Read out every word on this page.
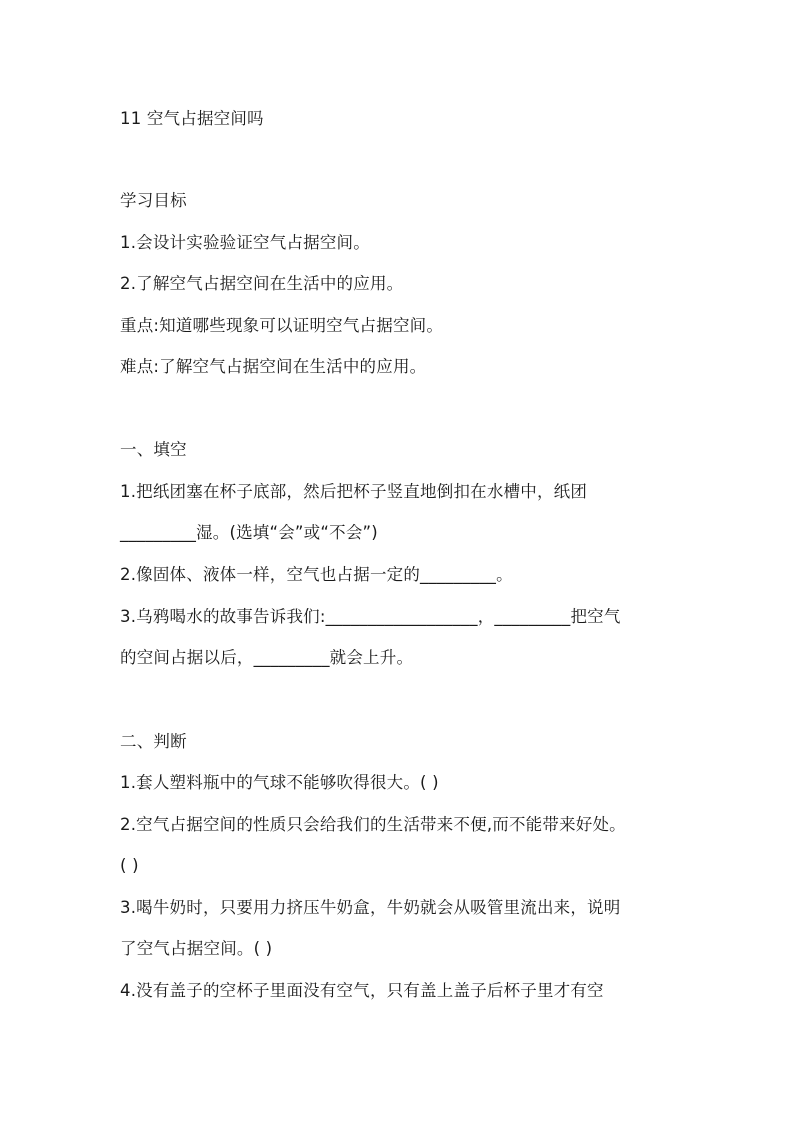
11 空气占据空间吗
学习目标
1.会设计实验验证空气占据空间。
2.了解空气占据空间在生活中的应用。
重点:知道哪些现象可以证明空气占据空间。
难点:了解空气占据空间在生活中的应用。
一、填空
1.把纸团塞在杯子底部，然后把杯子竖直地倒扣在水槽中，纸团
_________湿。(选填“会”或“不会”)
2.像固体、液体一样，空气也占据一定的_________。
3.乌鸦喝水的故事告诉我们:__________________，_________把空气
的空间占据以后，_________就会上升。
二、判断
1.套人塑料瓶中的气球不能够吹得很大。( )
2.空气占据空间的性质只会给我们的生活带来不便,而不能带来好处。
( )
3.喝牛奶时，只要用力挤压牛奶盒，牛奶就会从吸管里流出来，说明
了空气占据空间。( )
4.没有盖子的空杯子里面没有空气，只有盖上盖子后杯子里才有空
